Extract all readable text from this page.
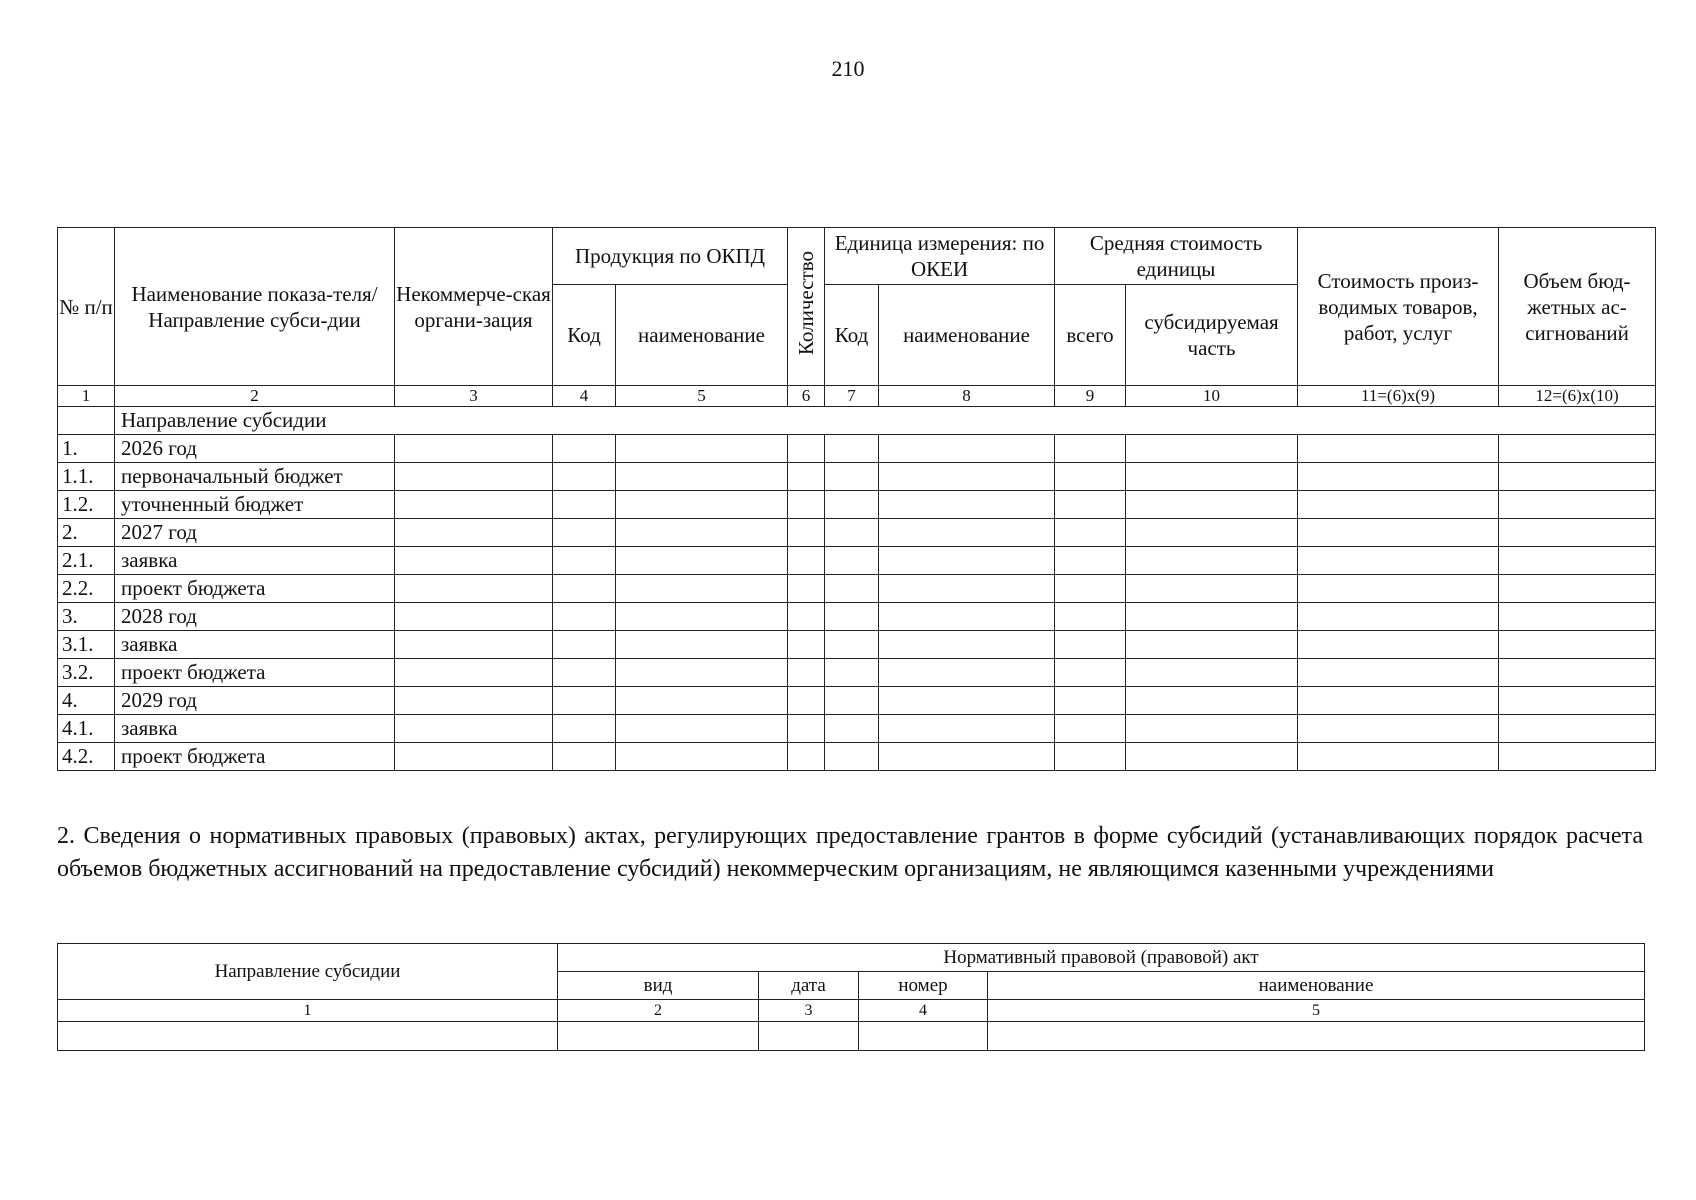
210
№ п/п	Наименование показа-теля/ Направление субси-дии	Некоммерче-ская органи-зация	Продукция по ОКПД		Количество	Единица измерения: по ОКЕИ		Средняя стоимость единицы		Стоимость произ-водимых товаров, работ, услуг	Объем бюд-жетных ас-сигнований
			Код	наименование		Код	наименование	всего	субсидируемая часть		
1	2	3	4	5	6	7	8	9	10	11=(6)x(9)	12=(6)x(10)
	Направление субсидии										
1.	2026 год										
1.1.	первоначальный бюджет										
1.2.	уточненный бюджет										
2.	2027 год										
2.1.	заявка										
2.2.	проект бюджета										
3.	2028 год										
3.1.	заявка										
3.2.	проект бюджета										
4.	2029 год										
4.1.	заявка										
4.2.	проект бюджета										

2. Сведения о нормативных правовых (правовых) актах, регулирующих предоставление грантов в форме субсидий (устанавливающих порядок расчета объемов бюджетных ассигнований на предоставление субсидий) некоммерческим организациям, не являющимся казенными учреждениями

Направление субсидии	Нормативный правовой (правовой) акт			
	вид	дата	номер	наименование
1	2	3	4	5
